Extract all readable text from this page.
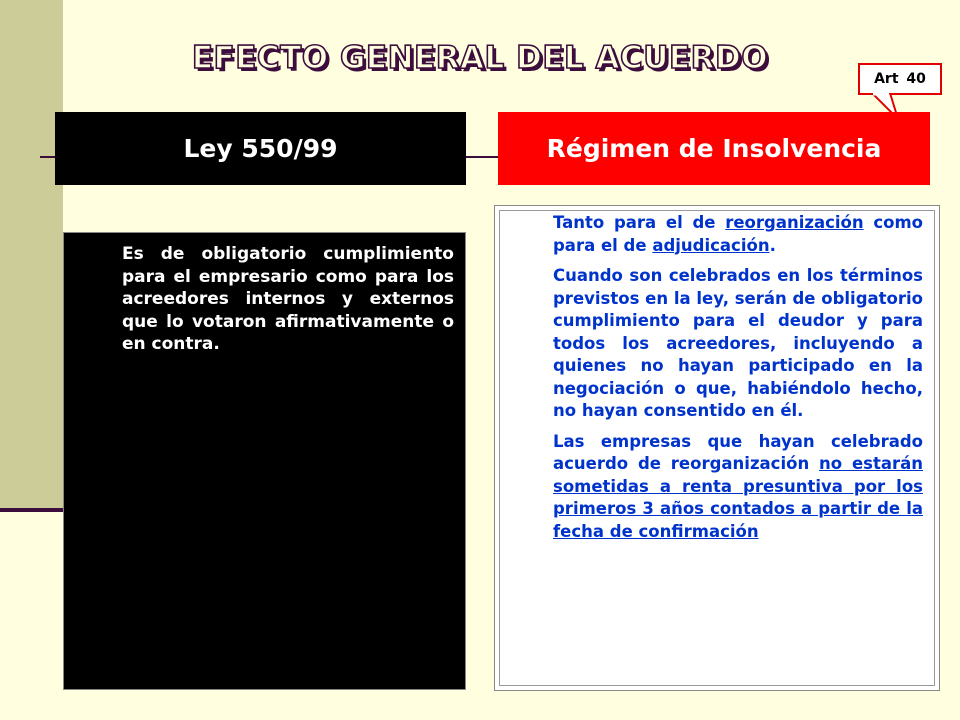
EFECTO GENERAL DEL ACUERDO
Art 40
Ley 550/99	Régimen de Insolvencia
Es de obligatorio cumplimiento para el empresario como para los acreedores internos y externos que lo votaron afirmativamente o en contra.

Tanto para el de reorganización como para el de adjudicación.

Cuando son celebrados en los términos previstos en la ley, serán de obligatorio cumplimiento para el deudor y para todos los acreedores, incluyendo a quienes no hayan participado en la negociación o que, habiéndolo hecho, no hayan consentido en él.

Las empresas que hayan celebrado acuerdo de reorganización no estarán sometidas a renta presuntiva por los primeros 3 años contados a partir de la fecha de confirmación
